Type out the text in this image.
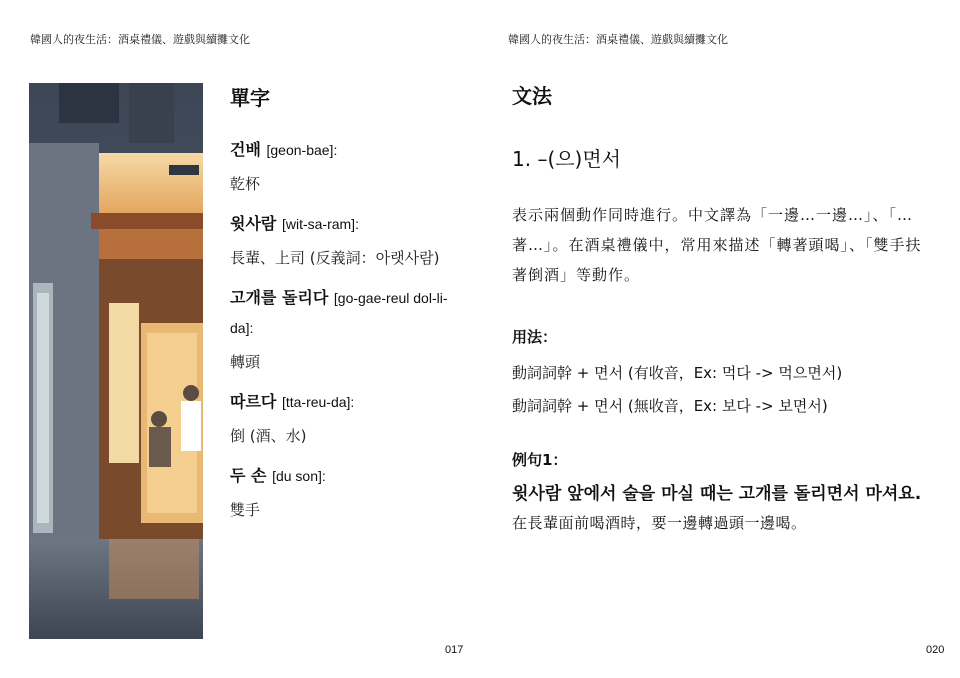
韓國人的夜生活：酒桌禮儀、遊戲與續攤文化
單字
건배 [geon-bae]:
乾杯
윗사람 [wit-sa-ram]:
長輩、上司 (反義詞：아랫사람)
고개를 돌리다 [go-gae-reul dol-li-da]:
轉頭
따르다 [tta-reu-da]:
倒 (酒、水)
두 손 [du son]:
雙手
017
韓國人的夜生活：酒桌禮儀、遊戲與續攤文化
文法
1. –(으)면서
表示兩個動作同時進行。中文譯為「一邊…一邊…」、「…著…」。在酒桌禮儀中，常用來描述「轉著頭喝」、「雙手扶著倒酒」等動作。
用法：
動詞詞幹 + 면서 (有收音，Ex: 먹다 -> 먹으면서)
動詞詞幹 + 면서 (無收音，Ex: 보다 -> 보면서)
例句1：
윗사람 앞에서 술을 마실 때는 고개를 돌리면서 마셔요.
在長輩面前喝酒時，要一邊轉過頭一邊喝。
020
